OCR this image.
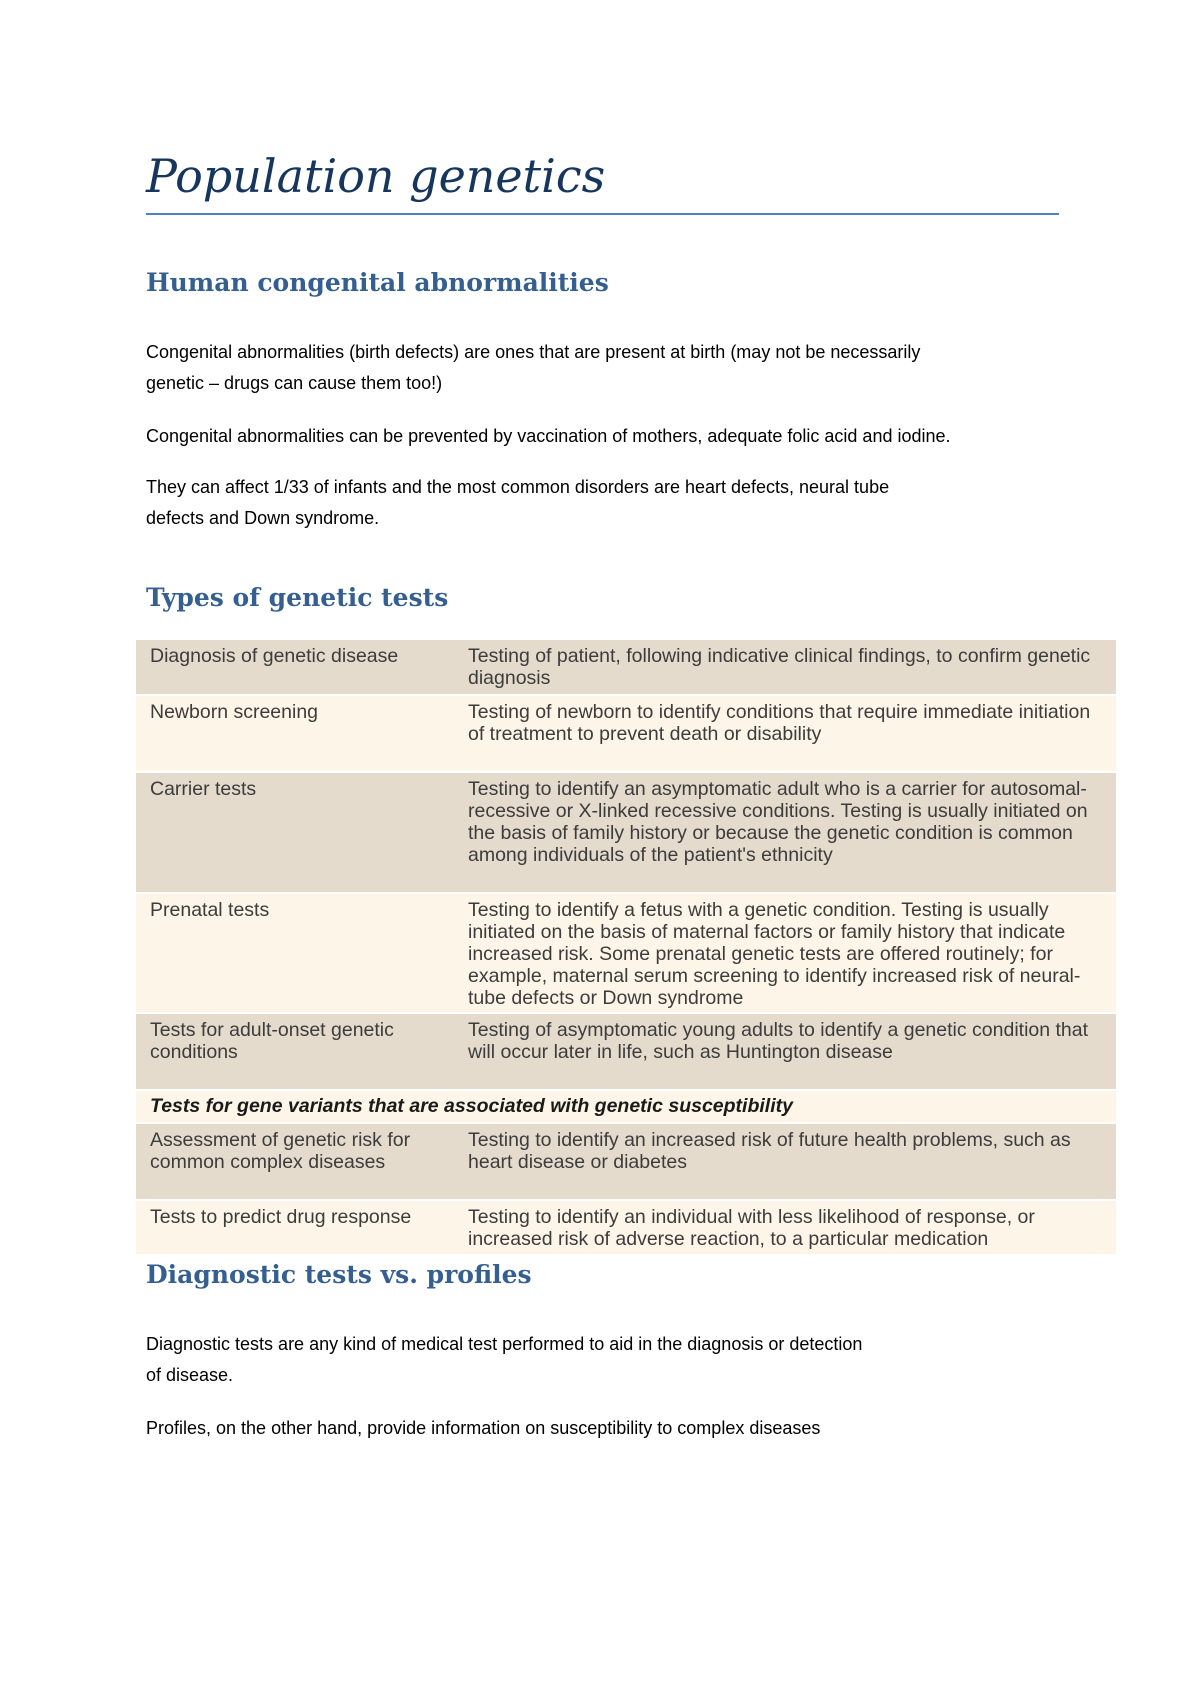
Population genetics
Human congenital abnormalities

Congenital abnormalities (birth defects) are ones that are present at birth (may not be necessarily
genetic – drugs can cause them too!)

Congenital abnormalities can be prevented by vaccination of mothers, adequate folic acid and iodine.

They can affect 1/33 of infants and the most common disorders are heart defects, neural tube
defects and Down syndrome.

Types of genetic tests
Diagnosis of genetic disease	Testing of patient, following indicative clinical findings, to confirm genetic diagnosis

Newborn screening	Testing of newborn to identify conditions that require immediate initiation of treatment to prevent death or disability

Carrier tests	Testing to identify an asymptomatic adult who is a carrier for autosomal-recessive or X-linked recessive conditions. Testing is usually initiated on the basis of family history or because the genetic condition is common among individuals of the patient's ethnicity

Prenatal tests	Testing to identify a fetus with a genetic condition. Testing is usually initiated on the basis of maternal factors or family history that indicate increased risk. Some prenatal genetic tests are offered routinely; for example, maternal serum screening to identify increased risk of neural-tube defects or Down syndrome

Tests for adult-onset genetic conditions	Testing of asymptomatic young adults to identify a genetic condition that will occur later in life, such as Huntington disease

Tests for gene variants that are associated with genetic susceptibility	

Assessment of genetic risk for common complex diseases	Testing to identify an increased risk of future health problems, such as heart disease or diabetes

Tests to predict drug response	Testing to identify an individual with less likelihood of response, or increased risk of adverse reaction, to a particular medication
Diagnostic tests vs. profiles

Diagnostic tests are any kind of medical test performed to aid in the diagnosis or detection
of disease.

Profiles, on the other hand, provide information on susceptibility to complex diseases
